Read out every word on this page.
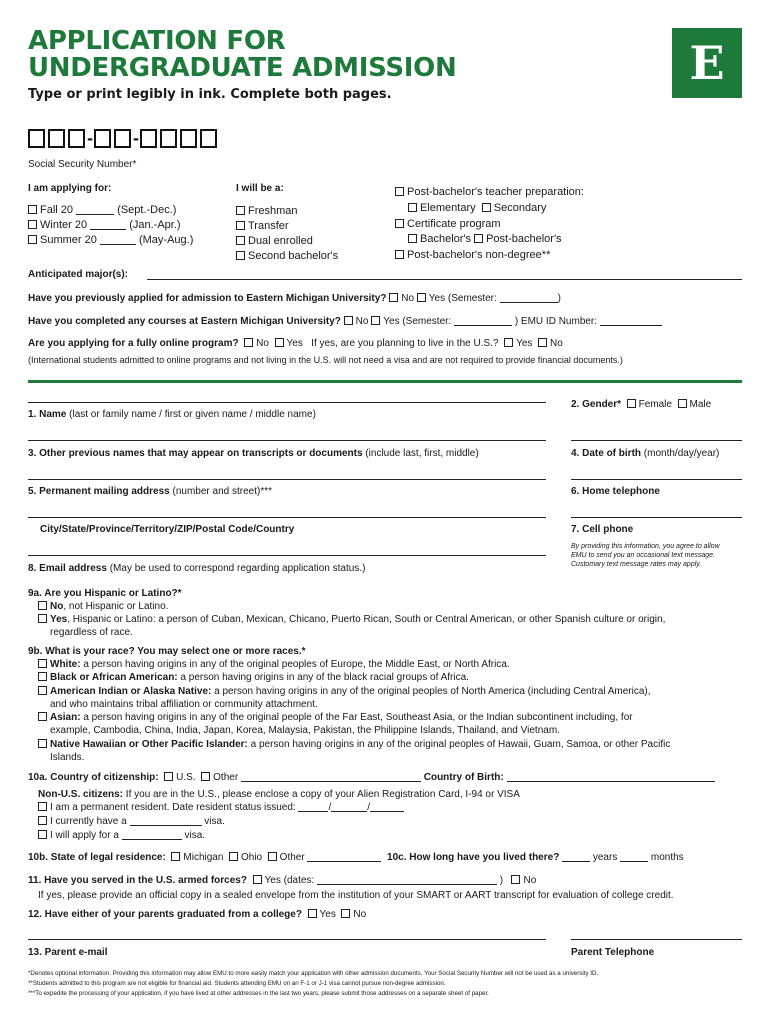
APPLICATION FOR
UNDERGRADUATE ADMISSION
Type or print legibly in ink. Complete both pages.
E
- -
Social Security Number*
I am applying for:
Fall 20	(Sept.-Dec.)
Winter 20	(Jan.-Apr.)
Summer 20	(May-Aug.)
I will be a:
Freshman
Transfer
Dual enrolled
Second bachelor's
Post-bachelor's teacher preparation:
Elementary Secondary
Certificate program
Bachelor's Post-bachelor's
Post-bachelor's non-degree**
Anticipated major(s):
Have you previously applied for admission to Eastern Michigan University? No Yes (Semester:	)
Have you completed any courses at Eastern Michigan University? No Yes (Semester:	) EMU ID Number:
Are you applying for a fully online program? No Yes If yes, are you planning to live in the U.S.? Yes No
(International students admitted to online programs and not living in the U.S. will not need a visa and are not required to provide financial documents.)
1. Name (last or family name / first or given name / middle name)
2. Gender* Female Male
3. Other previous names that may appear on transcripts or documents (include last, first, middle)	4. Date of birth (month/day/year)
5. Permanent mailing address (number and street)***	6. Home telephone
City/State/Province/Territory/ZIP/Postal Code/Country	7. Cell phone
By providing this information, you agree to allow EMU to send you an occasional text message. Customary text message rates may apply.
8. Email address (May be used to correspond regarding application status.)
9a. Are you Hispanic or Latino?*
No, not Hispanic or Latino.
Yes, Hispanic or Latino: a person of Cuban, Mexican, Chicano, Puerto Rican, South or Central American, or other Spanish culture or origin,
regardless of race.
9b. What is your race? You may select one or more races.*
White: a person having origins in any of the original peoples of Europe, the Middle East, or North Africa.
Black or African American: a person having origins in any of the black racial groups of Africa.
American Indian or Alaska Native: a person having origins in any of the original peoples of North America (including Central America),
and who maintains tribal affiliation or community attachment.
Asian: a person having origins in any of the original people of the Far East, Southeast Asia, or the Indian subcontinent including, for
example, Cambodia, China, India, Japan, Korea, Malaysia, Pakistan, the Philippine Islands, Thailand, and Vietnam.
Native Hawaiian or Other Pacific Islander: a person having origins in any of the original peoples of Hawaii, Guam, Samoa, or other Pacific
Islands.
10a. Country of citizenship: U.S. Other	Country of Birth:
Non-U.S. citizens: If you are in the U.S., please enclose a copy of your Alien Registration Card, I-94 or VISA
I am a permanent resident. Date resident status issued:	/	/
I currently have a	visa.
I will apply for a	visa.
10b. State of legal residence: Michigan Ohio Other	10c. How long have you lived there?	years	months
11. Have you served in the U.S. armed forces? Yes (dates:	) No
If yes, please provide an official copy in a sealed envelope from the institution of your SMART or AART transcript for evaluation of college credit.
12. Have either of your parents graduated from a college? Yes No
13. Parent e-mail	Parent Telephone
*Denotes optional information. Providing this information may allow EMU to more easily match your application with other admission documents. Your Social Security Number will not be used as a university ID.
**Students admitted to this program are not eligible for financial aid. Students attending EMU on an F-1 or J-1 visa cannot pursue non-degree admission.
***To expedite the processing of your application, if you have lived at other addresses in the last two years, please submit those addresses on a separate sheet of paper.
